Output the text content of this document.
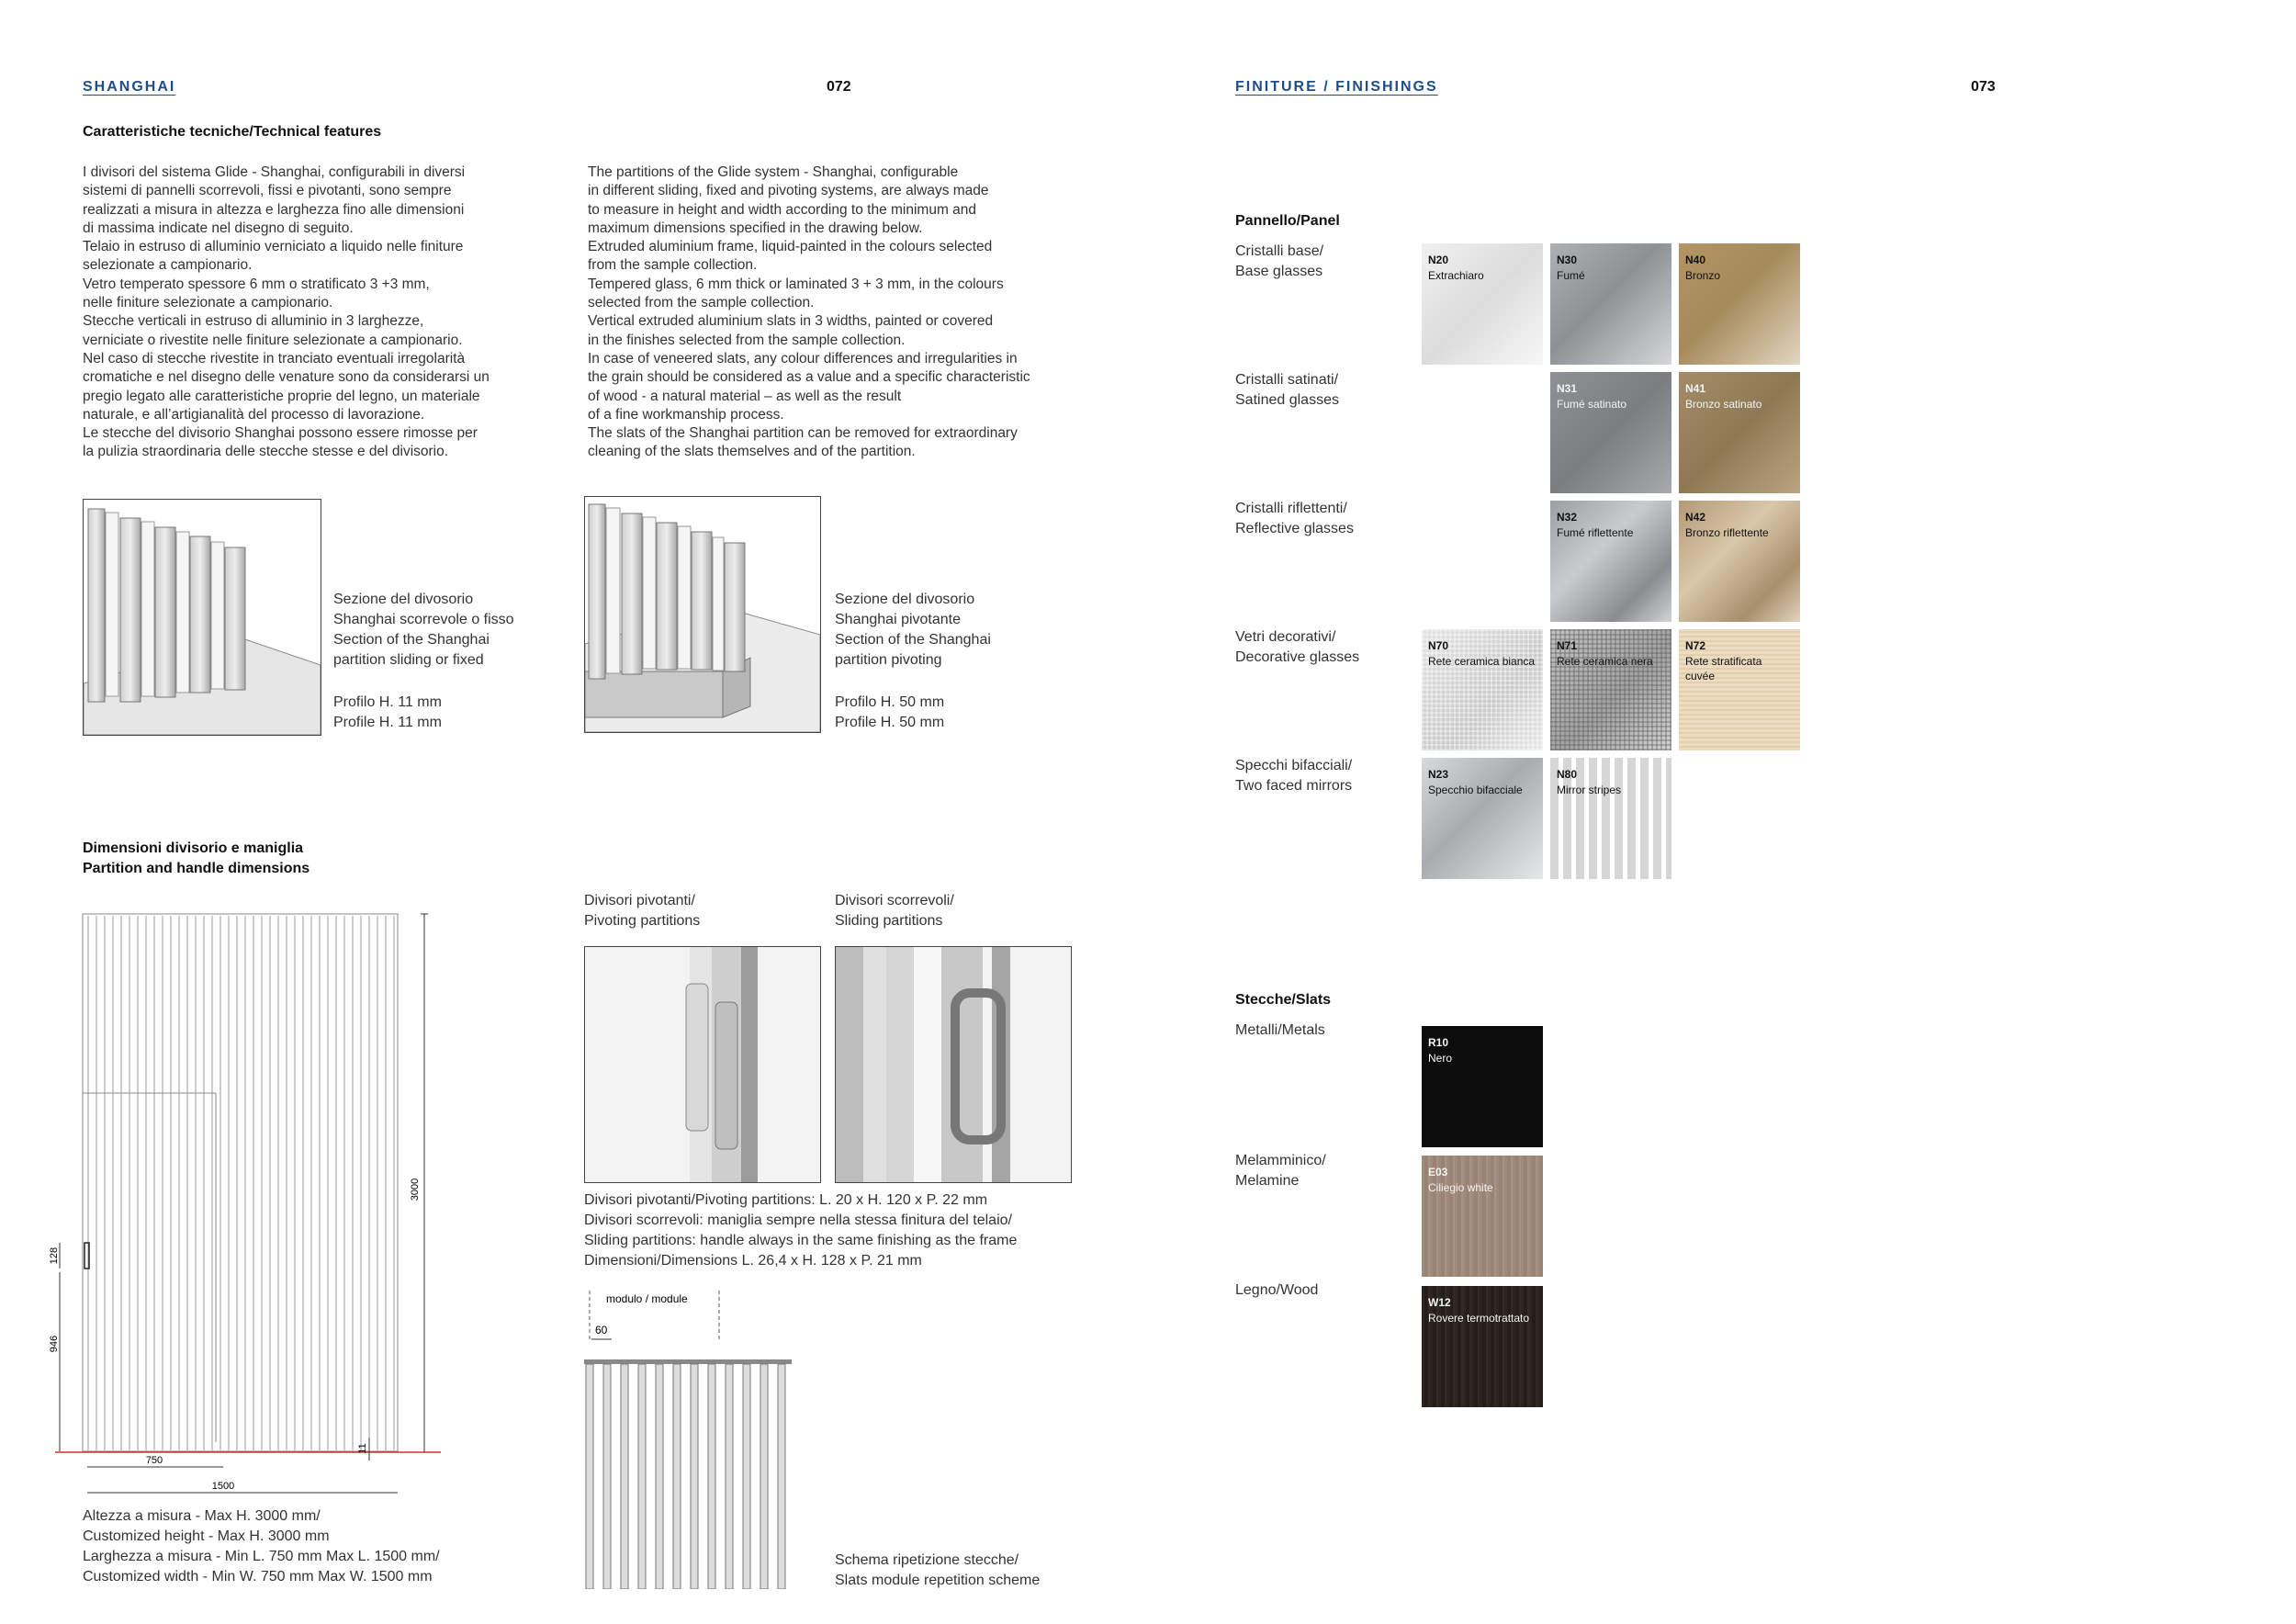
SHANGHAI	072
Caratteristiche tecniche/Technical features
I divisori del sistema Glide - Shanghai, configurabili in diversi
sistemi di pannelli scorrevoli, fissi e pivotanti, sono sempre
realizzati a misura in altezza e larghezza fino alle dimensioni
di massima indicate nel disegno di seguito.
Telaio in estruso di alluminio verniciato a liquido nelle finiture
selezionate a campionario.
Vetro temperato spessore 6 mm o stratificato 3 +3 mm,
nelle finiture selezionate a campionario.
Stecche verticali in estruso di alluminio in 3 larghezze,
verniciate o rivestite nelle finiture selezionate a campionario.
Nel caso di stecche rivestite in tranciato eventuali irregolarità
cromatiche e nel disegno delle venature sono da considerarsi un
pregio legato alle caratteristiche proprie del legno, un materiale
naturale, e all’artigianalità del processo di lavorazione.
Le stecche del divisorio Shanghai possono essere rimosse per
la pulizia straordinaria delle stecche stesse e del divisorio.
The partitions of the Glide system - Shanghai, configurable
in different sliding, fixed and pivoting systems, are always made
to measure in height and width according to the minimum and
maximum dimensions specified in the drawing below.
Extruded aluminium frame, liquid-painted in the colours selected
from the sample collection.
Tempered glass, 6 mm thick or laminated 3 + 3 mm, in the colours
selected from the sample collection.
Vertical extruded aluminium slats in 3 widths, painted or covered
in the finishes selected from the sample collection.
In case of veneered slats, any colour differences and irregularities in
the grain should be considered as a value and a specific characteristic
of wood - a natural material – as well as the result
of a fine workmanship process.
The slats of the Shanghai partition can be removed for extraordinary
cleaning of the slats themselves and of the partition.
Sezione del divosorio
Shanghai scorrevole o fisso
Section of the Shanghai
partition sliding or fixed
Profilo H. 11 mm
Profile H. 11 mm
Sezione del divosorio
Shanghai pivotante
Section of the Shanghai
partition pivoting
Profilo H. 50 mm
Profile H. 50 mm
Dimensioni divisorio e maniglia
Partition and handle dimensions
3000
128
946
11
750
1500
Altezza a misura - Max H. 3000 mm/
Customized height - Max H. 3000 mm
Larghezza a misura - Min L. 750 mm Max L. 1500 mm/
Customized width - Min W. 750 mm Max W. 1500 mm
Divisori pivotanti/
Pivoting partitions
Divisori scorrevoli/
Sliding partitions
Divisori pivotanti/Pivoting partitions: L. 20 x H. 120 x P. 22 mm
Divisori scorrevoli: maniglia sempre nella stessa finitura del telaio/
Sliding partitions: handle always in the same finishing as the frame
Dimensioni/Dimensions L. 26,4 x H. 128 x P. 21 mm
modulo / module
60
Schema ripetizione stecche/
Slats module repetition scheme
FINITURE / FINISHINGS	073
Pannello/Panel
Cristalli base/
Base glasses
Cristalli satinati/
Satined glasses
Cristalli riflettenti/
Reflective glasses
Vetri decorativi/
Decorative glasses
Specchi bifacciali/
Two faced mirrors
N20
Extrachiaro
N30
Fumé
N40
Bronzo
N31
Fumé satinato
N41
Bronzo satinato
N32
Fumé riflettente
N42
Bronzo riflettente
N70
Rete ceramica bianca
N71
Rete ceramica nera
N72
Rete stratificata cuvée
N23
Specchio bifacciale
N80
Mirror stripes
Stecche/Slats
Metalli/Metals
Melamminico/
Melamine
Legno/Wood
R10
Nero
E03
Ciliegio white
W12
Rovere termotrattato
